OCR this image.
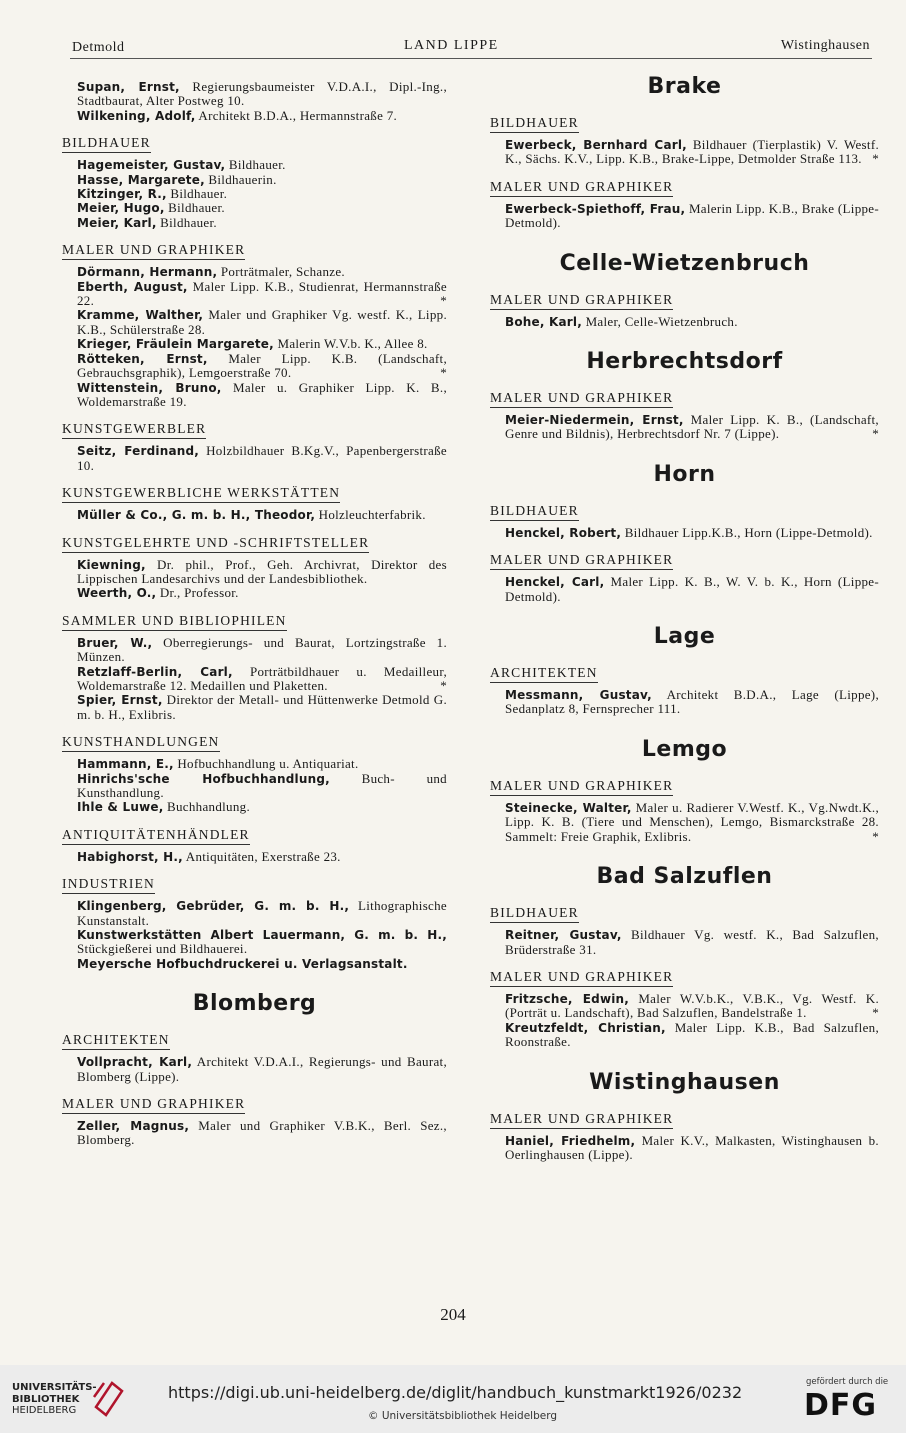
Detmold	LAND LIPPE	Wistinghausen
Supan, Ernst, Regierungsbaumeister V.D.A.I., Dipl.-Ing., Stadtbaurat, Alter Postweg 10.
Wilkening, Adolf, Architekt B.D.A., Hermannstraße 7.
BILDHAUER
Hagemeister, Gustav, Bildhauer.
Hasse, Margarete, Bildhauerin.
Kitzinger, R., Bildhauer.
Meier, Hugo, Bildhauer.
Meier, Karl, Bildhauer.
MALER UND GRAPHIKER
Dörmann, Hermann, Porträtmaler, Schanze.
Eberth, August, Maler Lipp. K.B., Studienrat, Hermannstraße 22.	*
Kramme, Walther, Maler und Graphiker Vg. westf. K., Lipp. K.B., Schülerstraße 28.
Krieger, Fräulein Margarete, Malerin W.V.b. K., Allee 8.
Rötteken, Ernst, Maler Lipp. K.B. (Landschaft, Gebrauchsgraphik), Lemgoerstraße 70.	*
Wittenstein, Bruno, Maler u. Graphiker Lipp. K. B., Woldemarstraße 19.
KUNSTGEWERBLER
Seitz, Ferdinand, Holzbildhauer B.Kg.V., Papenbergerstraße 10.
KUNSTGEWERBLICHE WERKSTÄTTEN
Müller & Co., G. m. b. H., Theodor, Holzleuchterfabrik.
KUNSTGELEHRTE UND -SCHRIFTSTELLER
Kiewning, Dr. phil., Prof., Geh. Archivrat, Direktor des Lippischen Landesarchivs und der Landesbibliothek.
Weerth, O., Dr., Professor.
SAMMLER UND BIBLIOPHILEN
Bruer, W., Oberregierungs- und Baurat, Lortzingstraße 1. Münzen.
Retzlaff-Berlin, Carl, Porträtbildhauer u. Medailleur, Woldemarstraße 12. Medaillen und Plaketten.	*
Spier, Ernst, Direktor der Metall- und Hüttenwerke Detmold G. m. b. H., Exlibris.
KUNSTHANDLUNGEN
Hammann, E., Hofbuchhandlung u. Antiquariat.
Hinrichs'sche Hofbuchhandlung, Buch- und Kunsthandlung.
Ihle & Luwe, Buchhandlung.
ANTIQUITÄTENHÄNDLER
Habighorst, H., Antiquitäten, Exerstraße 23.
INDUSTRIEN
Klingenberg, Gebrüder, G. m. b. H., Lithographische Kunstanstalt.
Kunstwerkstätten Albert Lauermann, G. m. b. H., Stückgießerei und Bildhauerei.
Meyersche Hofbuchdruckerei u. Verlagsanstalt.
Blomberg
ARCHITEKTEN
Vollpracht, Karl, Architekt V.D.A.I., Regierungs- und Baurat, Blomberg (Lippe).
MALER UND GRAPHIKER
Zeller, Magnus, Maler und Graphiker V.B.K., Berl. Sez., Blomberg.
Brake
BILDHAUER
Ewerbeck, Bernhard Carl, Bildhauer (Tierplastik) V. Westf. K., Sächs. K.V., Lipp. K.B., Brake-Lippe, Detmolder Straße 113. *
MALER UND GRAPHIKER
Ewerbeck-Spiethoff, Frau, Malerin Lipp. K.B., Brake (Lippe-Detmold).
Celle-Wietzenbruch
MALER UND GRAPHIKER
Bohe, Karl, Maler, Celle-Wietzenbruch.
Herbrechtsdorf
MALER UND GRAPHIKER
Meier-Niedermein, Ernst, Maler Lipp. K. B., (Landschaft, Genre und Bildnis), Herbrechtsdorf Nr. 7 (Lippe).	*
Horn
BILDHAUER
Henckel, Robert, Bildhauer Lipp.K.B., Horn (Lippe-Detmold).
MALER UND GRAPHIKER
Henckel, Carl, Maler Lipp. K. B., W. V. b. K., Horn (Lippe-Detmold).
Lage
ARCHITEKTEN
Messmann, Gustav, Architekt B.D.A., Lage (Lippe), Sedanplatz 8, Fernsprecher 111.
Lemgo
MALER UND GRAPHIKER
Steinecke, Walter, Maler u. Radierer V.Westf. K., Vg.Nwdt.K., Lipp. K. B. (Tiere und Menschen), Lemgo, Bismarckstraße 28. Sammelt: Freie Graphik, Exlibris.	*
Bad Salzuflen
BILDHAUER
Reitner, Gustav, Bildhauer Vg. westf. K., Bad Salzuflen, Brüderstraße 31.
MALER UND GRAPHIKER
Fritzsche, Edwin, Maler W.V.b.K., V.B.K., Vg. Westf. K. (Porträt u. Landschaft), Bad Salzuflen, Bandelstraße 1.	*
Kreutzfeldt, Christian, Maler Lipp. K.B., Bad Salzuflen, Roonstraße.
Wistinghausen
MALER UND GRAPHIKER
Haniel, Friedhelm, Maler K.V., Malkasten, Wistinghausen b. Oerlinghausen (Lippe).
204
UNIVERSITÄTS-
BIBLIOTHEK
HEIDELBERG
https://digi.ub.uni-heidelberg.de/diglit/handbuch_kunstmarkt1926/0232
© Universitätsbibliothek Heidelberg
gefördert durch die
DFG
